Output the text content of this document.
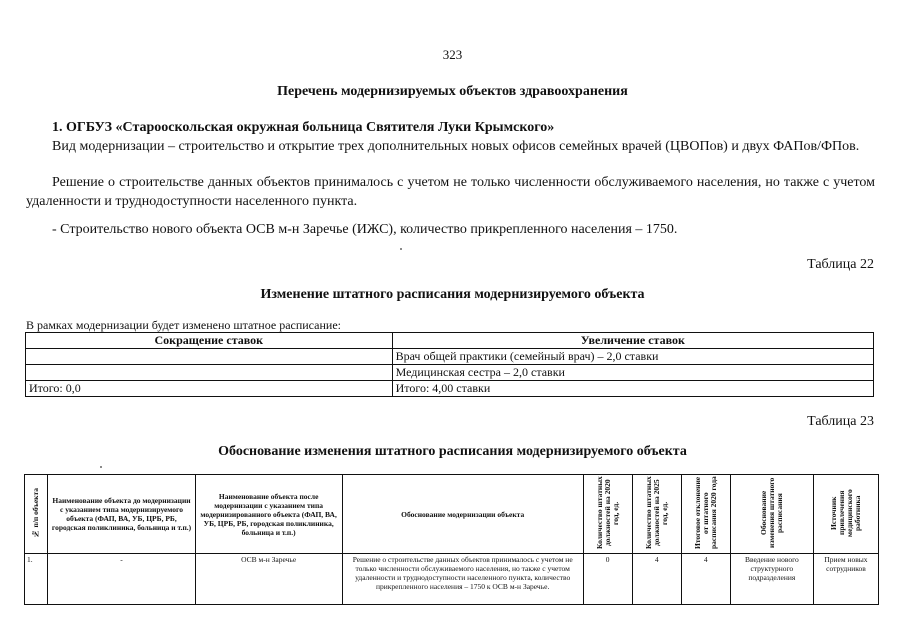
323
Перечень модернизируемых объектов здравоохранения
1. ОГБУЗ «Старооскольская окружная больница Святителя Луки Крымского»
Вид модернизации – строительство и открытие трех дополнительных новых офисов семейных врачей (ЦВОПов) и двух ФАПов/ФПов.
Решение о строительстве данных объектов принималось с учетом не только численности обслуживаемого населения, но также с учетом удаленности и труднодоступности населенного пункта.
- Строительство нового объекта ОСВ м-н Заречье (ИЖС), количество прикрепленного населения – 1750.
Таблица 22
Изменение штатного расписания модернизируемого объекта
В рамках модернизации будет изменено штатное расписание:
Сокращение ставок	Увеличение ставок
	Врач общей практики (семейный врач) – 2,0 ставки
	Медицинская сестра – 2,0 ставки
Итого: 0,0	Итого: 4,00 ставки
Таблица 23
Обоснование изменения штатного расписания модернизируемого объекта
№ п/п объекта	Наименование объекта до модернизации с указанием типа модернизируемого объекта (ФАП, ВА, УБ, ЦРБ, РБ, городская поликлиника, больница и т.п.)	Наименование объекта после модернизации с указанием типа модернизированного объекта (ФАП, ВА, УБ, ЦРБ, РБ, городская поликлиника, больница и т.п.)	Обоснование модернизации объекта	Количество штатных должностей на 2020 год, ед.	Количество штатных должностей на 2025 год, ед.	Итоговое отклонение от штатного расписания 2020 года	Обоснование изменения штатного расписания	Источник привлечения медицинского работника
1.	-	ОСВ м-н Заречье	Решение о строительстве данных объектов принималось с учетом не только численности обслуживаемого населения, но также с учетом удаленности и труднодоступности населенного пункта, количество прикрепленного населения – 1750 к ОСВ м-н Заречье.	0	4	4	Введение нового структурного подразделения	Прием новых сотрудников
